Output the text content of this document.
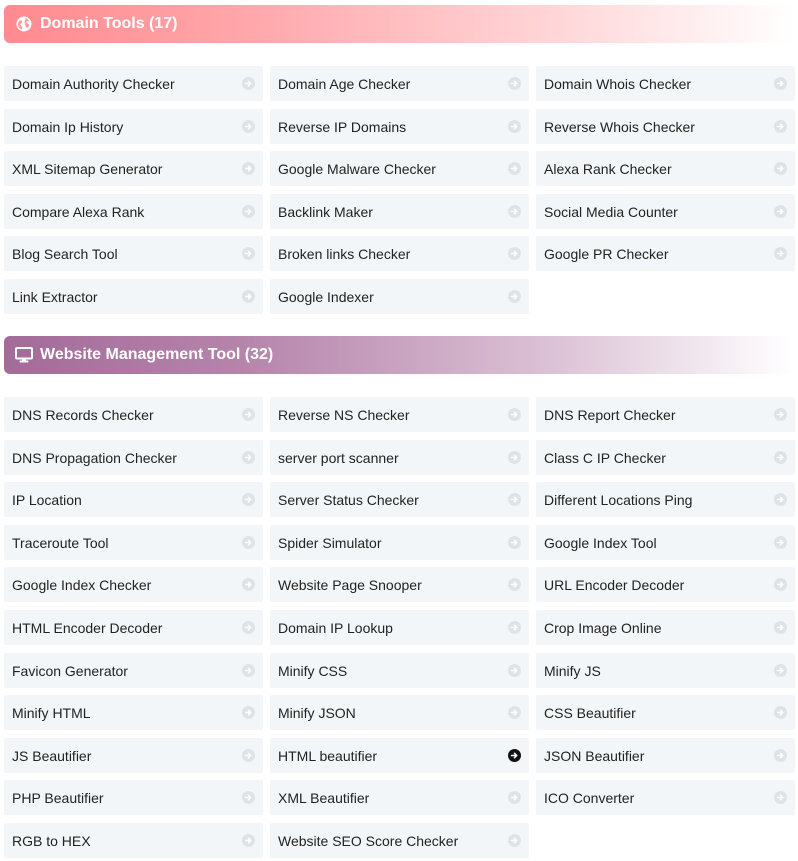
Domain Tools (17)
Domain Authority Checker	Domain Age Checker	Domain Whois Checker
Domain Ip History	Reverse IP Domains	Reverse Whois Checker
XML Sitemap Generator	Google Malware Checker	Alexa Rank Checker
Compare Alexa Rank	Backlink Maker	Social Media Counter
Blog Search Tool	Broken links Checker	Google PR Checker
Link Extractor	Google Indexer
Website Management Tool (32)
DNS Records Checker	Reverse NS Checker	DNS Report Checker
DNS Propagation Checker	server port scanner	Class C IP Checker
IP Location	Server Status Checker	Different Locations Ping
Traceroute Tool	Spider Simulator	Google Index Tool
Google Index Checker	Website Page Snooper	URL Encoder Decoder
HTML Encoder Decoder	Domain IP Lookup	Crop Image Online
Favicon Generator	Minify CSS	Minify JS
Minify HTML	Minify JSON	CSS Beautifier
JS Beautifier	HTML beautifier	JSON Beautifier
PHP Beautifier	XML Beautifier	ICO Converter
RGB to HEX	Website SEO Score Checker
